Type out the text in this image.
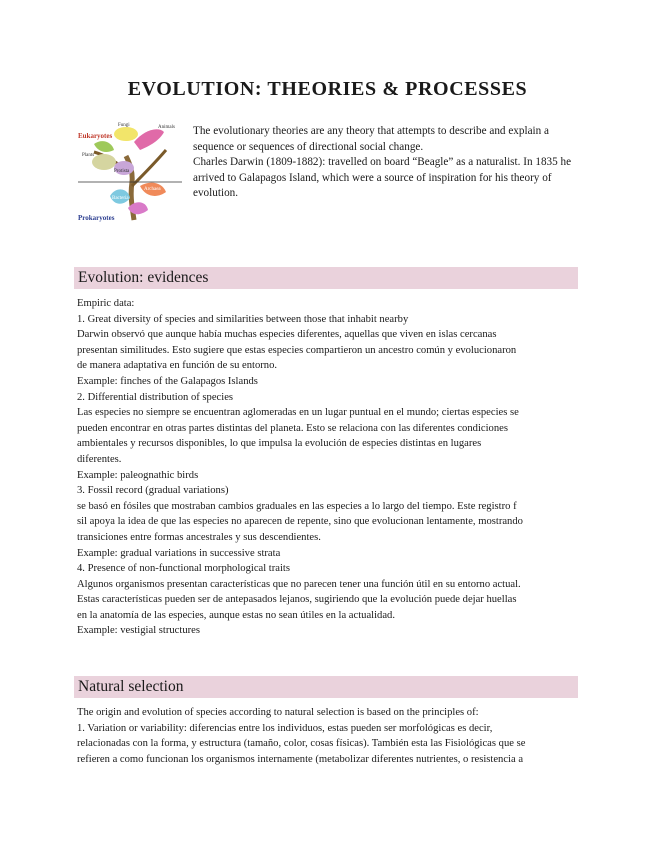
EVOLUTION: THEORIES & PROCESSES
Eukaryotes
Prokaryotes
Fungi	Animals
Plants
Protista
Bacteria
Archaea

The evolutionary theories are any theory that attempts to describe and explain a sequence or sequences of directional social change.

Charles Darwin (1809-1882): travelled on board “Beagle” as a naturalist. In 1835 he arrived to Galapagos Island, which were a source of inspiration for his theory of evolution.

Evolution: evidences
Empiric data:
1. Great diversity of species and similarities between those that inhabit nearby
Darwin observó que aunque había muchas especies diferentes, aquellas que viven en islas cercanas
presentan similitudes. Esto sugiere que estas especies compartieron un ancestro común y evolucionaron
de manera adaptativa en función de su entorno.
Example: finches of the Galapagos Islands
2. Differential distribution of species
Las especies no siempre se encuentran aglomeradas en un lugar puntual en el mundo; ciertas especies se
pueden encontrar en otras partes distintas del planeta. Esto se relaciona con las diferentes condiciones
ambientales y recursos disponibles, lo que impulsa la evolución de especies distintas en lugares
diferentes.
Example: paleognathic birds
3. Fossil record (gradual variations)
se basó en fósiles que mostraban cambios graduales en las especies a lo largo del tiempo. Este registro f
sil apoya la idea de que las especies no aparecen de repente, sino que evolucionan lentamente, mostrando
transiciones entre formas ancestrales y sus descendientes.
Example: gradual variations in successive strata
4. Presence of non-functional morphological traits
Algunos organismos presentan características que no parecen tener una función útil en su entorno actual.
Estas características pueden ser de antepasados lejanos, sugiriendo que la evolución puede dejar huellas
en la anatomía de las especies, aunque estas no sean útiles en la actualidad.
Example: vestigial structures
Natural selection
The origin and evolution of species according to natural selection is based on the principles of:
1. Variation or variability: diferencias entre los individuos, estas pueden ser morfológicas es decir,
relacionadas con la forma, y estructura (tamaño, color, cosas físicas). También esta las Fisiológicas que se
refieren a como funcionan los organismos internamente (metabolizar diferentes nutrientes, o resistencia a
